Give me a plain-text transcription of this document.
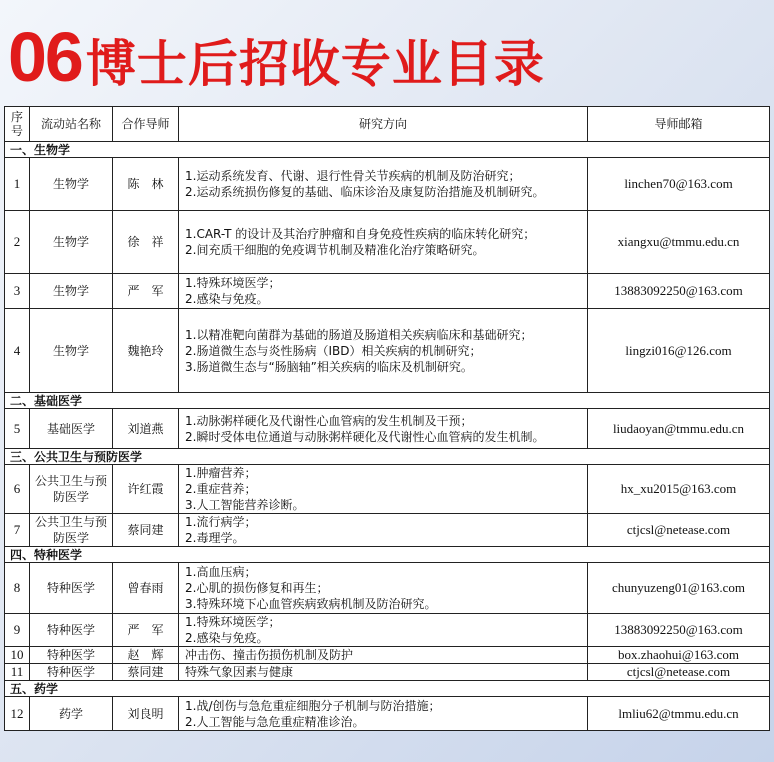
06 博士后招收专业目录
序号	流动站名称	合作导师	研究方向	导师邮箱
一、生物学				
1	生物学	陈　林	1.运动系统发育、代谢、退行性骨关节疾病的机制及防治研究；
2.运动系统损伤修复的基础、临床诊治及康复防治措施及机制研究。	linchen70@163.com
2	生物学	徐　祥	1.CAR-T 的设计及其治疗肿瘤和自身免疫性疾病的临床转化研究；
2.间充质干细胞的免疫调节机制及精准化治疗策略研究。	xiangxu@tmmu.edu.cn
3	生物学	严　军	1.特殊环境医学；
2.感染与免疫。	13883092250@163.com
4	生物学	魏艳玲	1.以精准靶向菌群为基础的肠道及肠道相关疾病临床和基础研究；
2.肠道微生态与炎性肠病（IBD）相关疾病的机制研究；
3.肠道微生态与“肠脑轴”相关疾病的临床及机制研究。	lingzi016@126.com
二、基础医学				
5	基础医学	刘道燕	1.动脉粥样硬化及代谢性心血管病的发生机制及干预；
2.瞬时受体电位通道与动脉粥样硬化及代谢性心血管病的发生机制。	liudaoyan@tmmu.edu.cn
三、公共卫生与预防医学				
6	公共卫生与预防医学	许红霞	1.肿瘤营养；
2.重症营养；
3.人工智能营养诊断。	hx_xu2015@163.com
7	公共卫生与预防医学	蔡同建	1.流行病学；
2.毒理学。	ctjcsl@netease.com
四、特种医学				
8	特种医学	曾春雨	1.高血压病；
2.心肌的损伤修复和再生；
3.特殊环境下心血管疾病致病机制及防治研究。	chunyuzeng01@163.com
9	特种医学	严　军	1.特殊环境医学；
2.感染与免疫。	13883092250@163.com
10	特种医学	赵　辉	冲击伤、撞击伤损伤机制及防护	box.zhaohui@163.com
11	特种医学	蔡同建	特殊气象因素与健康	ctjcsl@netease.com
五、药学				
12	药学	刘良明	1.战/创伤与急危重症细胞分子机制与防治措施；
2.人工智能与急危重症精准诊治。	lmliu62@tmmu.edu.cn
